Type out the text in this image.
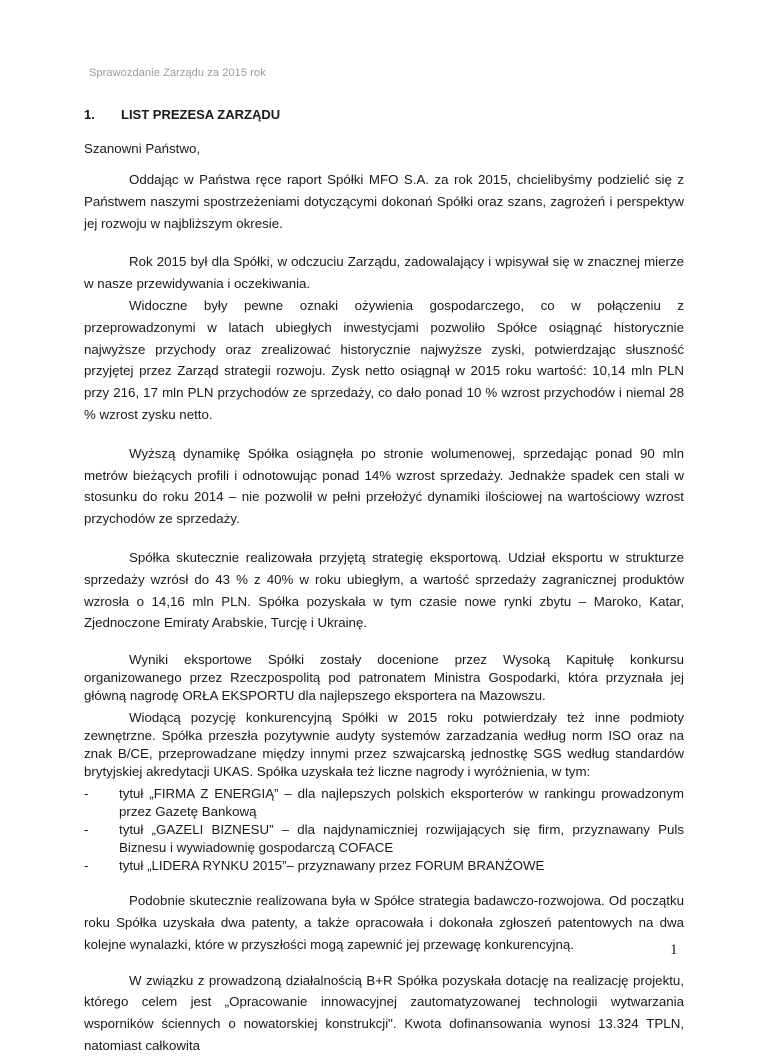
Sprawozdanie Zarządu za 2015 rok
1. LIST PREZESA ZARZĄDU

Szanowni Państwo,

Oddając w Państwa ręce raport Spółki MFO S.A. za rok 2015, chcielibyśmy podzielić się z Państwem naszymi spostrzeżeniami dotyczącymi dokonań Spółki oraz szans, zagrożeń i perspektyw jej rozwoju w najbliższym okresie.

Rok 2015 był dla Spółki, w odczuciu Zarządu, zadowalający i wpisywał się w znacznej mierze w nasze przewidywania i oczekiwania.

Widoczne były pewne oznaki ożywienia gospodarczego, co w połączeniu z przeprowadzonymi w latach ubiegłych inwestycjami pozwoliło Spółce osiągnąć historycznie najwyższe przychody oraz zrealizować historycznie najwyższe zyski, potwierdzając słuszność przyjętej przez Zarząd strategii rozwoju. Zysk netto osiągnął w 2015 roku wartość: 10,14 mln PLN przy 216, 17 mln PLN przychodów ze sprzedaży, co dało ponad 10 % wzrost przychodów i niemal 28 % wzrost zysku netto.

Wyższą dynamikę Spółka osiągnęła po stronie wolumenowej, sprzedając ponad 90 mln metrów bieżących profili i odnotowując ponad 14% wzrost sprzedaży. Jednakże spadek cen stali w stosunku do roku 2014 – nie pozwolił w pełni przełożyć dynamiki ilościowej na wartościowy wzrost przychodów ze sprzedaży.

Spółka skutecznie realizowała przyjętą strategię eksportową. Udział eksportu w strukturze sprzedaży wzrósł do 43 % z 40% w roku ubiegłym, a wartość sprzedaży zagranicznej produktów wzrosła o 14,16 mln PLN. Spółka pozyskała w tym czasie nowe rynki zbytu – Maroko, Katar, Zjednoczone Emiraty Arabskie, Turcję i Ukrainę.

Wyniki eksportowe Spółki zostały docenione przez Wysoką Kapitułę konkursu organizowanego przez Rzeczpospolitą pod patronatem Ministra Gospodarki, która przyznała jej główną nagrodę ORŁA EKSPORTU dla najlepszego eksportera na Mazowszu.

Wiodącą pozycję konkurencyjną Spółki w 2015 roku potwierdzały też inne podmioty zewnętrzne. Spółka przeszła pozytywnie audyty systemów zarzadzania według norm ISO oraz na znak B/CE, przeprowadzane między innymi przez szwajcarską jednostkę SGS według standardów brytyjskiej akredytacji UKAS. Spółka uzyskała też liczne nagrody i wyróżnienia, w tym:

- tytuł „FIRMA Z ENERGIĄ” – dla najlepszych polskich eksporterów w rankingu prowadzonym przez Gazetę Bankową
- tytuł „GAZELI BIZNESU” – dla najdynamiczniej rozwijających się firm, przyznawany Puls Biznesu i wywiadownię gospodarczą COFACE
- tytuł „LIDERA RYNKU 2015”– przyznawany przez FORUM BRANŻOWE

Podobnie skutecznie realizowana była w Spółce strategia badawczo-rozwojowa. Od początku roku Spółka uzyskała dwa patenty, a także opracowała i dokonała zgłoszeń patentowych na dwa kolejne wynalazki, które w przyszłości mogą zapewnić jej przewagę konkurencyjną.

W związku z prowadzoną działalnością B+R Spółka pozyskała dotację na realizację projektu, którego celem jest „Opracowanie innowacyjnej zautomatyzowanej technologii wytwarzania wsporników ściennych o nowatorskiej konstrukcji". Kwota dofinansowania wynosi 13.324 TPLN, natomiast całkowita

1
